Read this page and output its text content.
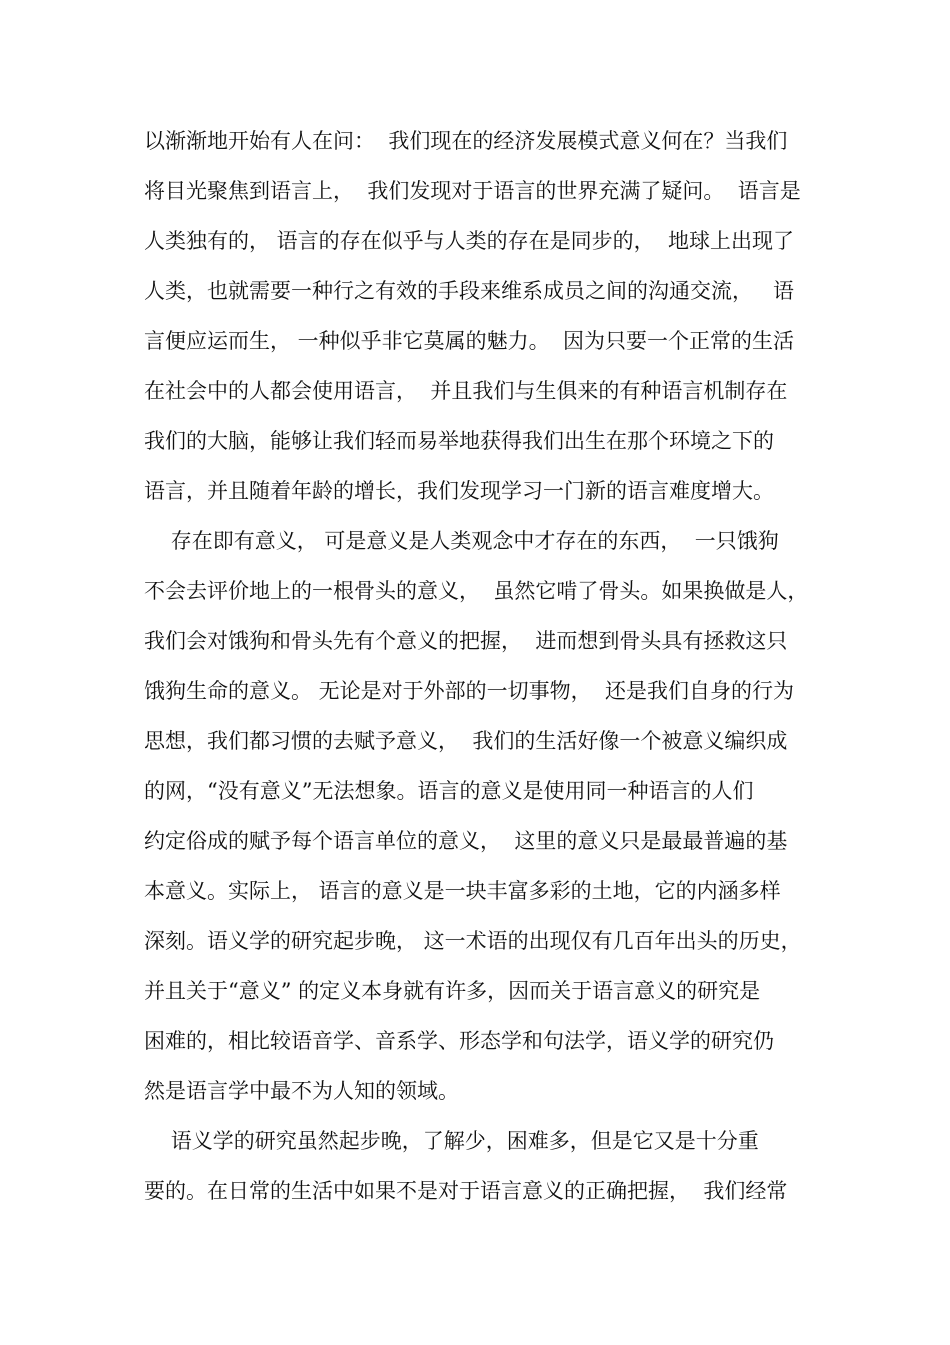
以渐渐地开始有人在问：  我们现在的经济发展模式意义何在？当我们
将目光聚焦到语言上，  我们发现对于语言的世界充满了疑问。  语言是
人类独有的， 语言的存在似乎与人类的存在是同步的，  地球上出现了
人类，也就需要一种行之有效的手段来维系成员之间的沟通交流，   语
言便应运而生， 一种似乎非它莫属的魅力。  因为只要一个正常的生活
在社会中的人都会使用语言，  并且我们与生俱来的有种语言机制存在
我们的大脑，能够让我们轻而易举地获得我们出生在那个环境之下的
语言，并且随着年龄的增长，我们发现学习一门新的语言难度增大。
存在即有意义， 可是意义是人类观念中才存在的东西，  一只饿狗
不会去评价地上的一根骨头的意义，  虽然它啃了骨头。如果换做是人，
我们会对饿狗和骨头先有个意义的把握，  进而想到骨头具有拯救这只
饿狗生命的意义。 无论是对于外部的一切事物，  还是我们自身的行为
思想，我们都习惯的去赋予意义，  我们的生活好像一个被意义编织成
的网，“没有意义”无法想象。语言的意义是使用同一种语言的人们
约定俗成的赋予每个语言单位的意义，  这里的意义只是最最普遍的基
本意义。实际上， 语言的意义是一块丰富多彩的土地，它的内涵多样
深刻。语义学的研究起步晚， 这一术语的出现仅有几百年出头的历史，
并且关于“意义” 的定义本身就有许多，因而关于语言意义的研究是
困难的，相比较语音学、音系学、形态学和句法学，语义学的研究仍
然是语言学中最不为人知的领域。
语义学的研究虽然起步晚，了解少，困难多，但是它又是十分重
要的。在日常的生活中如果不是对于语言意义的正确把握，  我们经常
